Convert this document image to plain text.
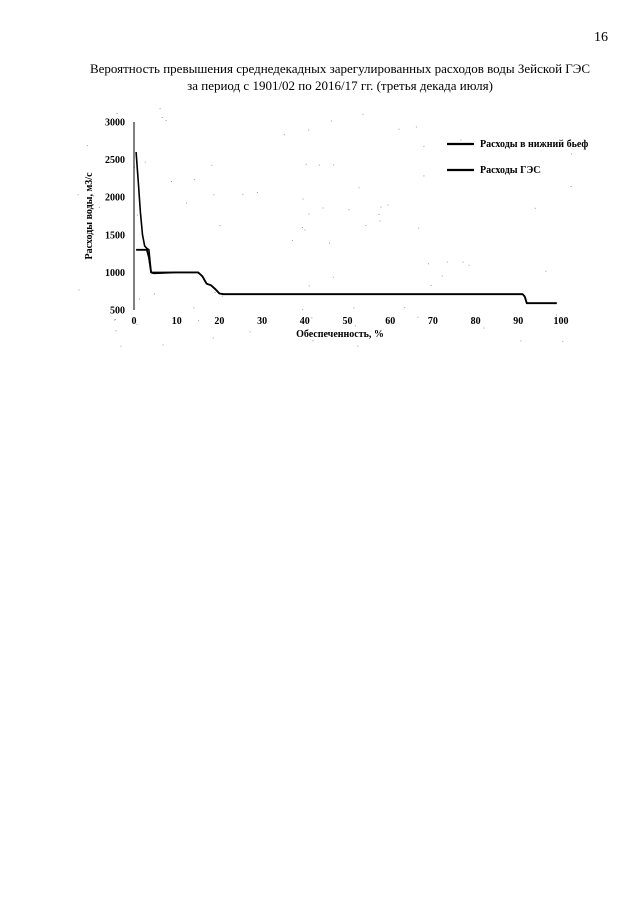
16
Вероятность превышения среднедекадных зарегулированных расходов воды Зейской ГЭС
за период с 1901/02 по 2016/17 гг. (третья декада июля)
500
1000
1500
2000
2500
3000
0	10	20	30	40	50	60	70	80	90	100
Обеспеченность, %
Расходы воды, м3/с
Расходы в нижний бьеф
Расходы ГЭС
